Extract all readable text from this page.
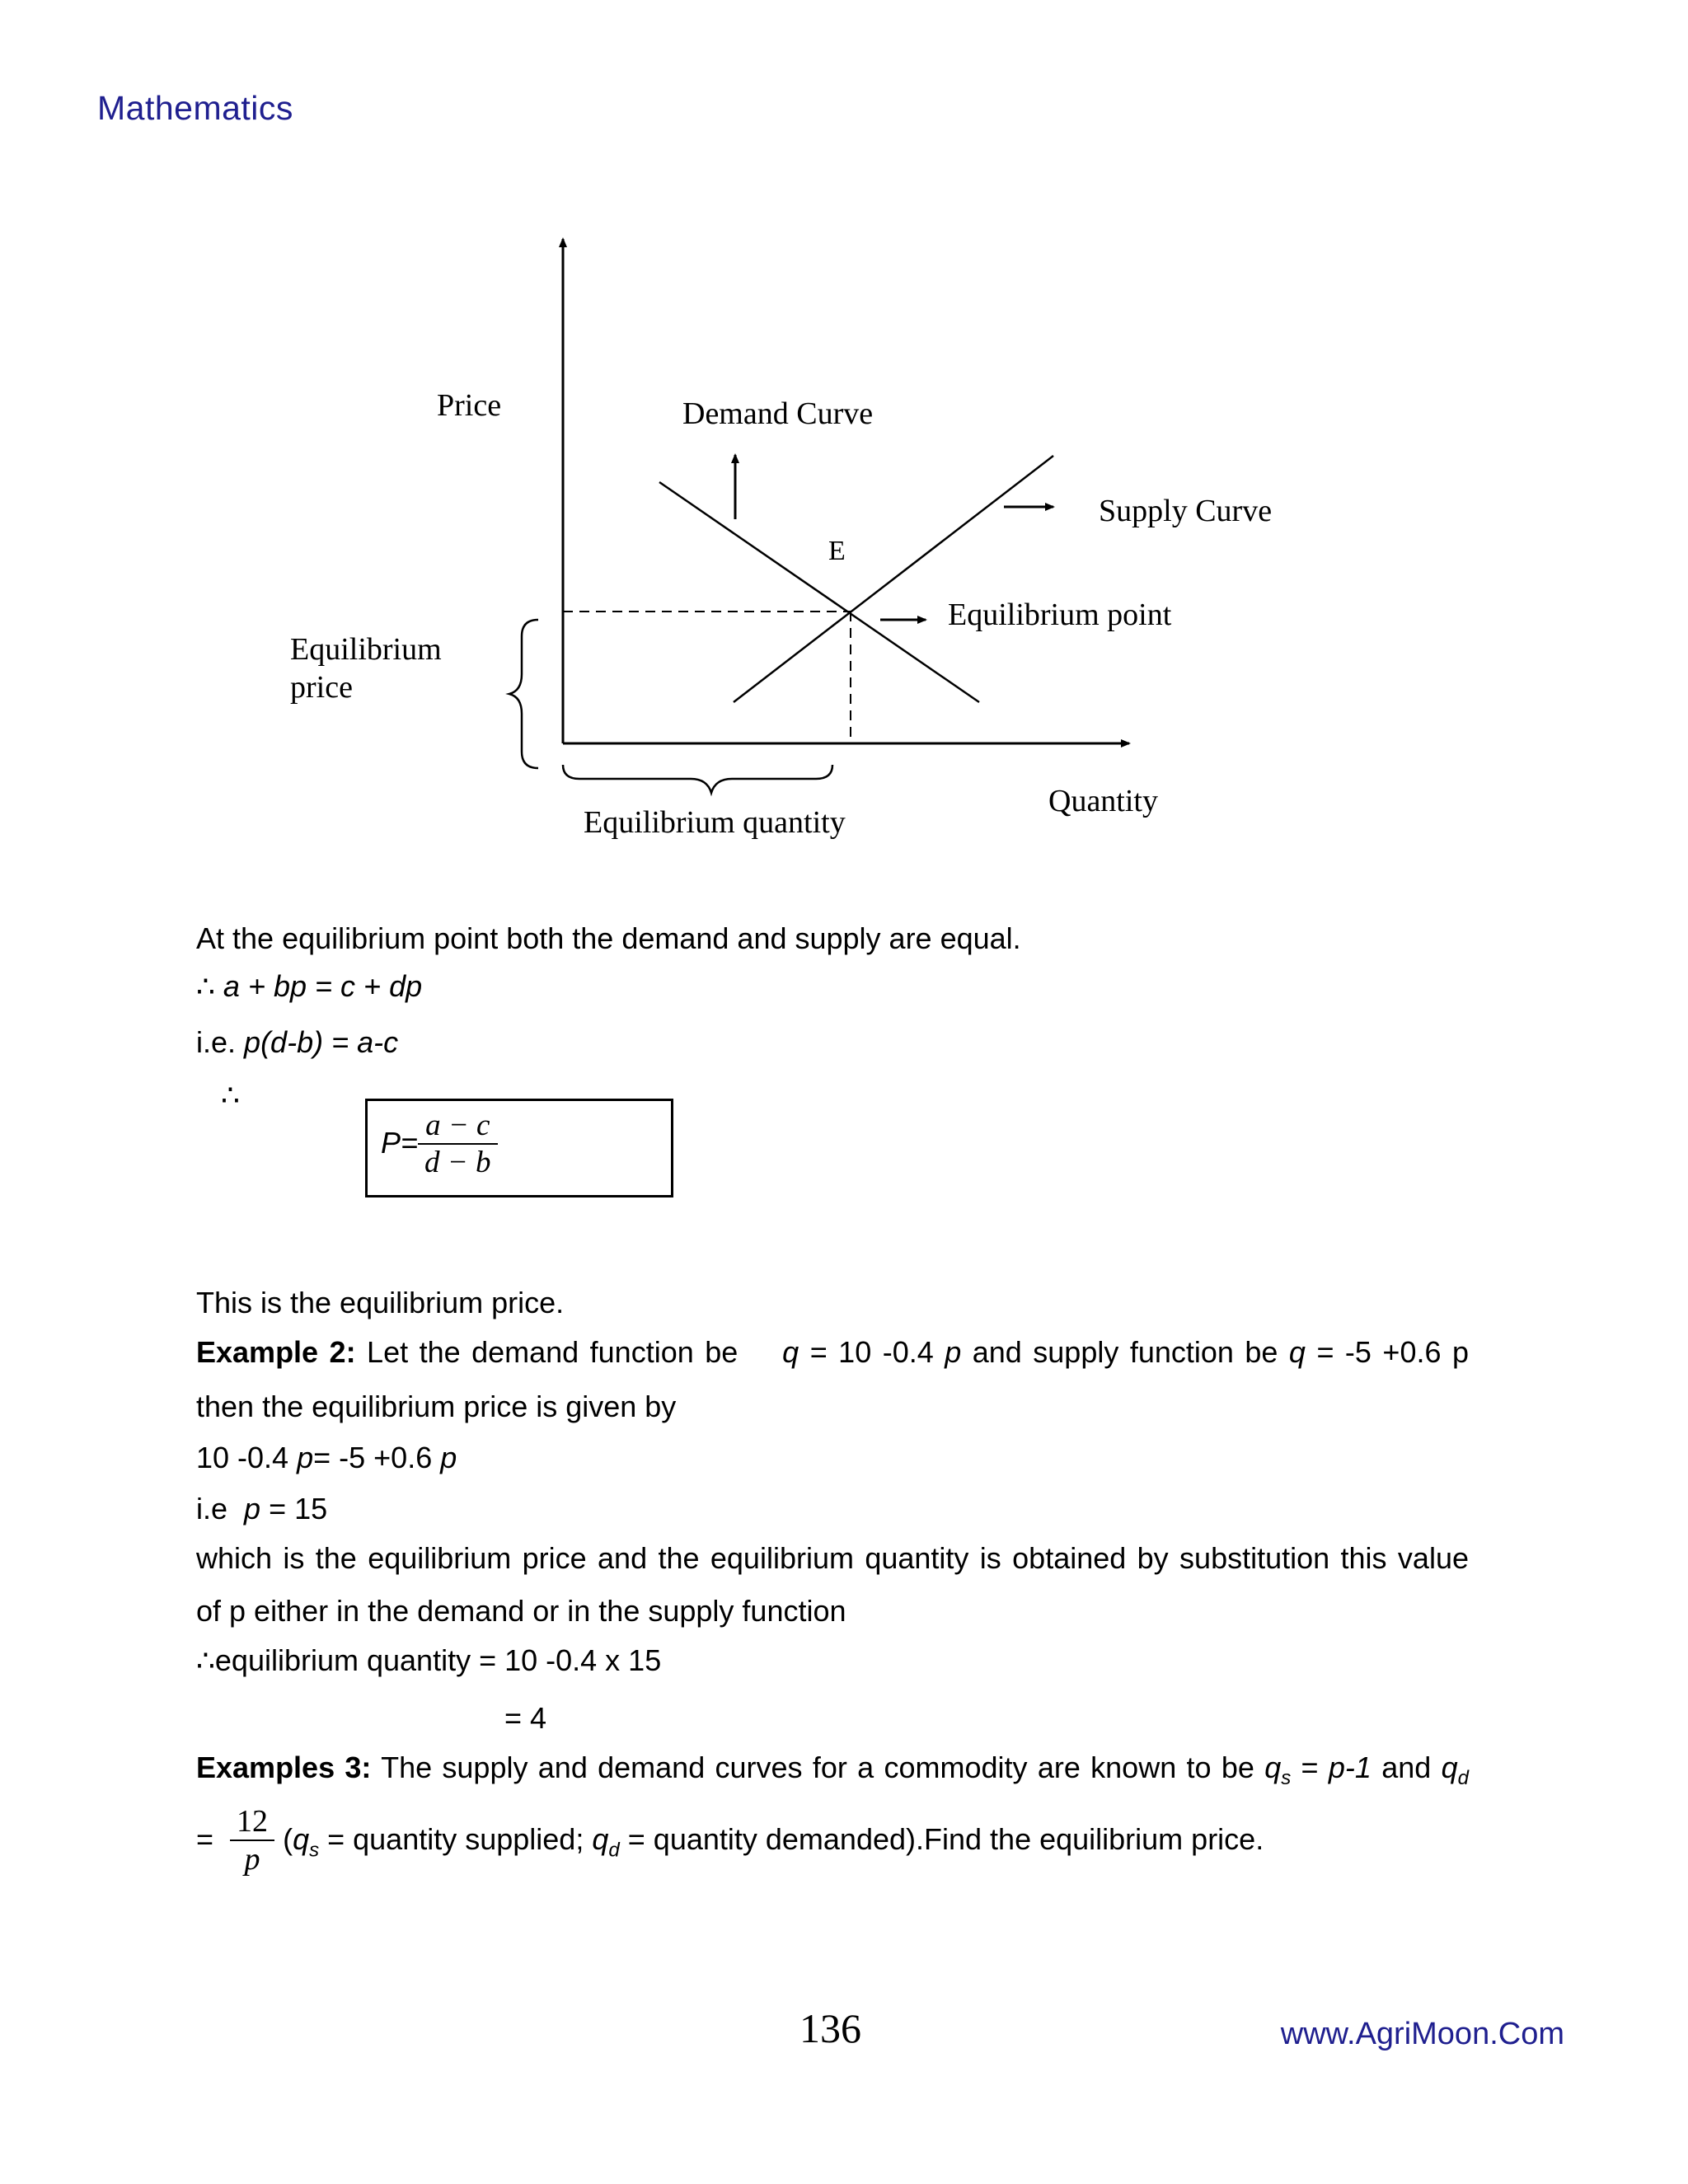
Mathematics
Price	Demand Curve
Supply Curve
E
Equilibrium point
Equilibrium
price
Quantity
Equilibrium quantity
At the equilibrium point both the demand and supply are equal.
∴ a + bp = c + dp
i.e. p(d-b) = a-c
∴
$P= \frac{a - c}{d - b}$
This is the equilibrium price.
Example 2: Let the demand function be q = 10 -0.4 p and supply function be q = -5 +0.6 p
then the equilibrium price is given by
10 -0.4 p= -5 +0.6 p
i.e p = 15
which is the equilibrium price and the equilibrium quantity is obtained by substitution this value
of p either in the demand or in the supply function
∴equilibrium quantity = 10 -0.4 x 15
= 4
Examples 3: The supply and demand curves for a commodity are known to be $q_s = p-1$ and $q_d$
= $\frac{12}{p} (q_s$ = quantity supplied; $q_d$ = quantity demanded).Find the equilibrium price.
136	www.AgriMoon.Com
